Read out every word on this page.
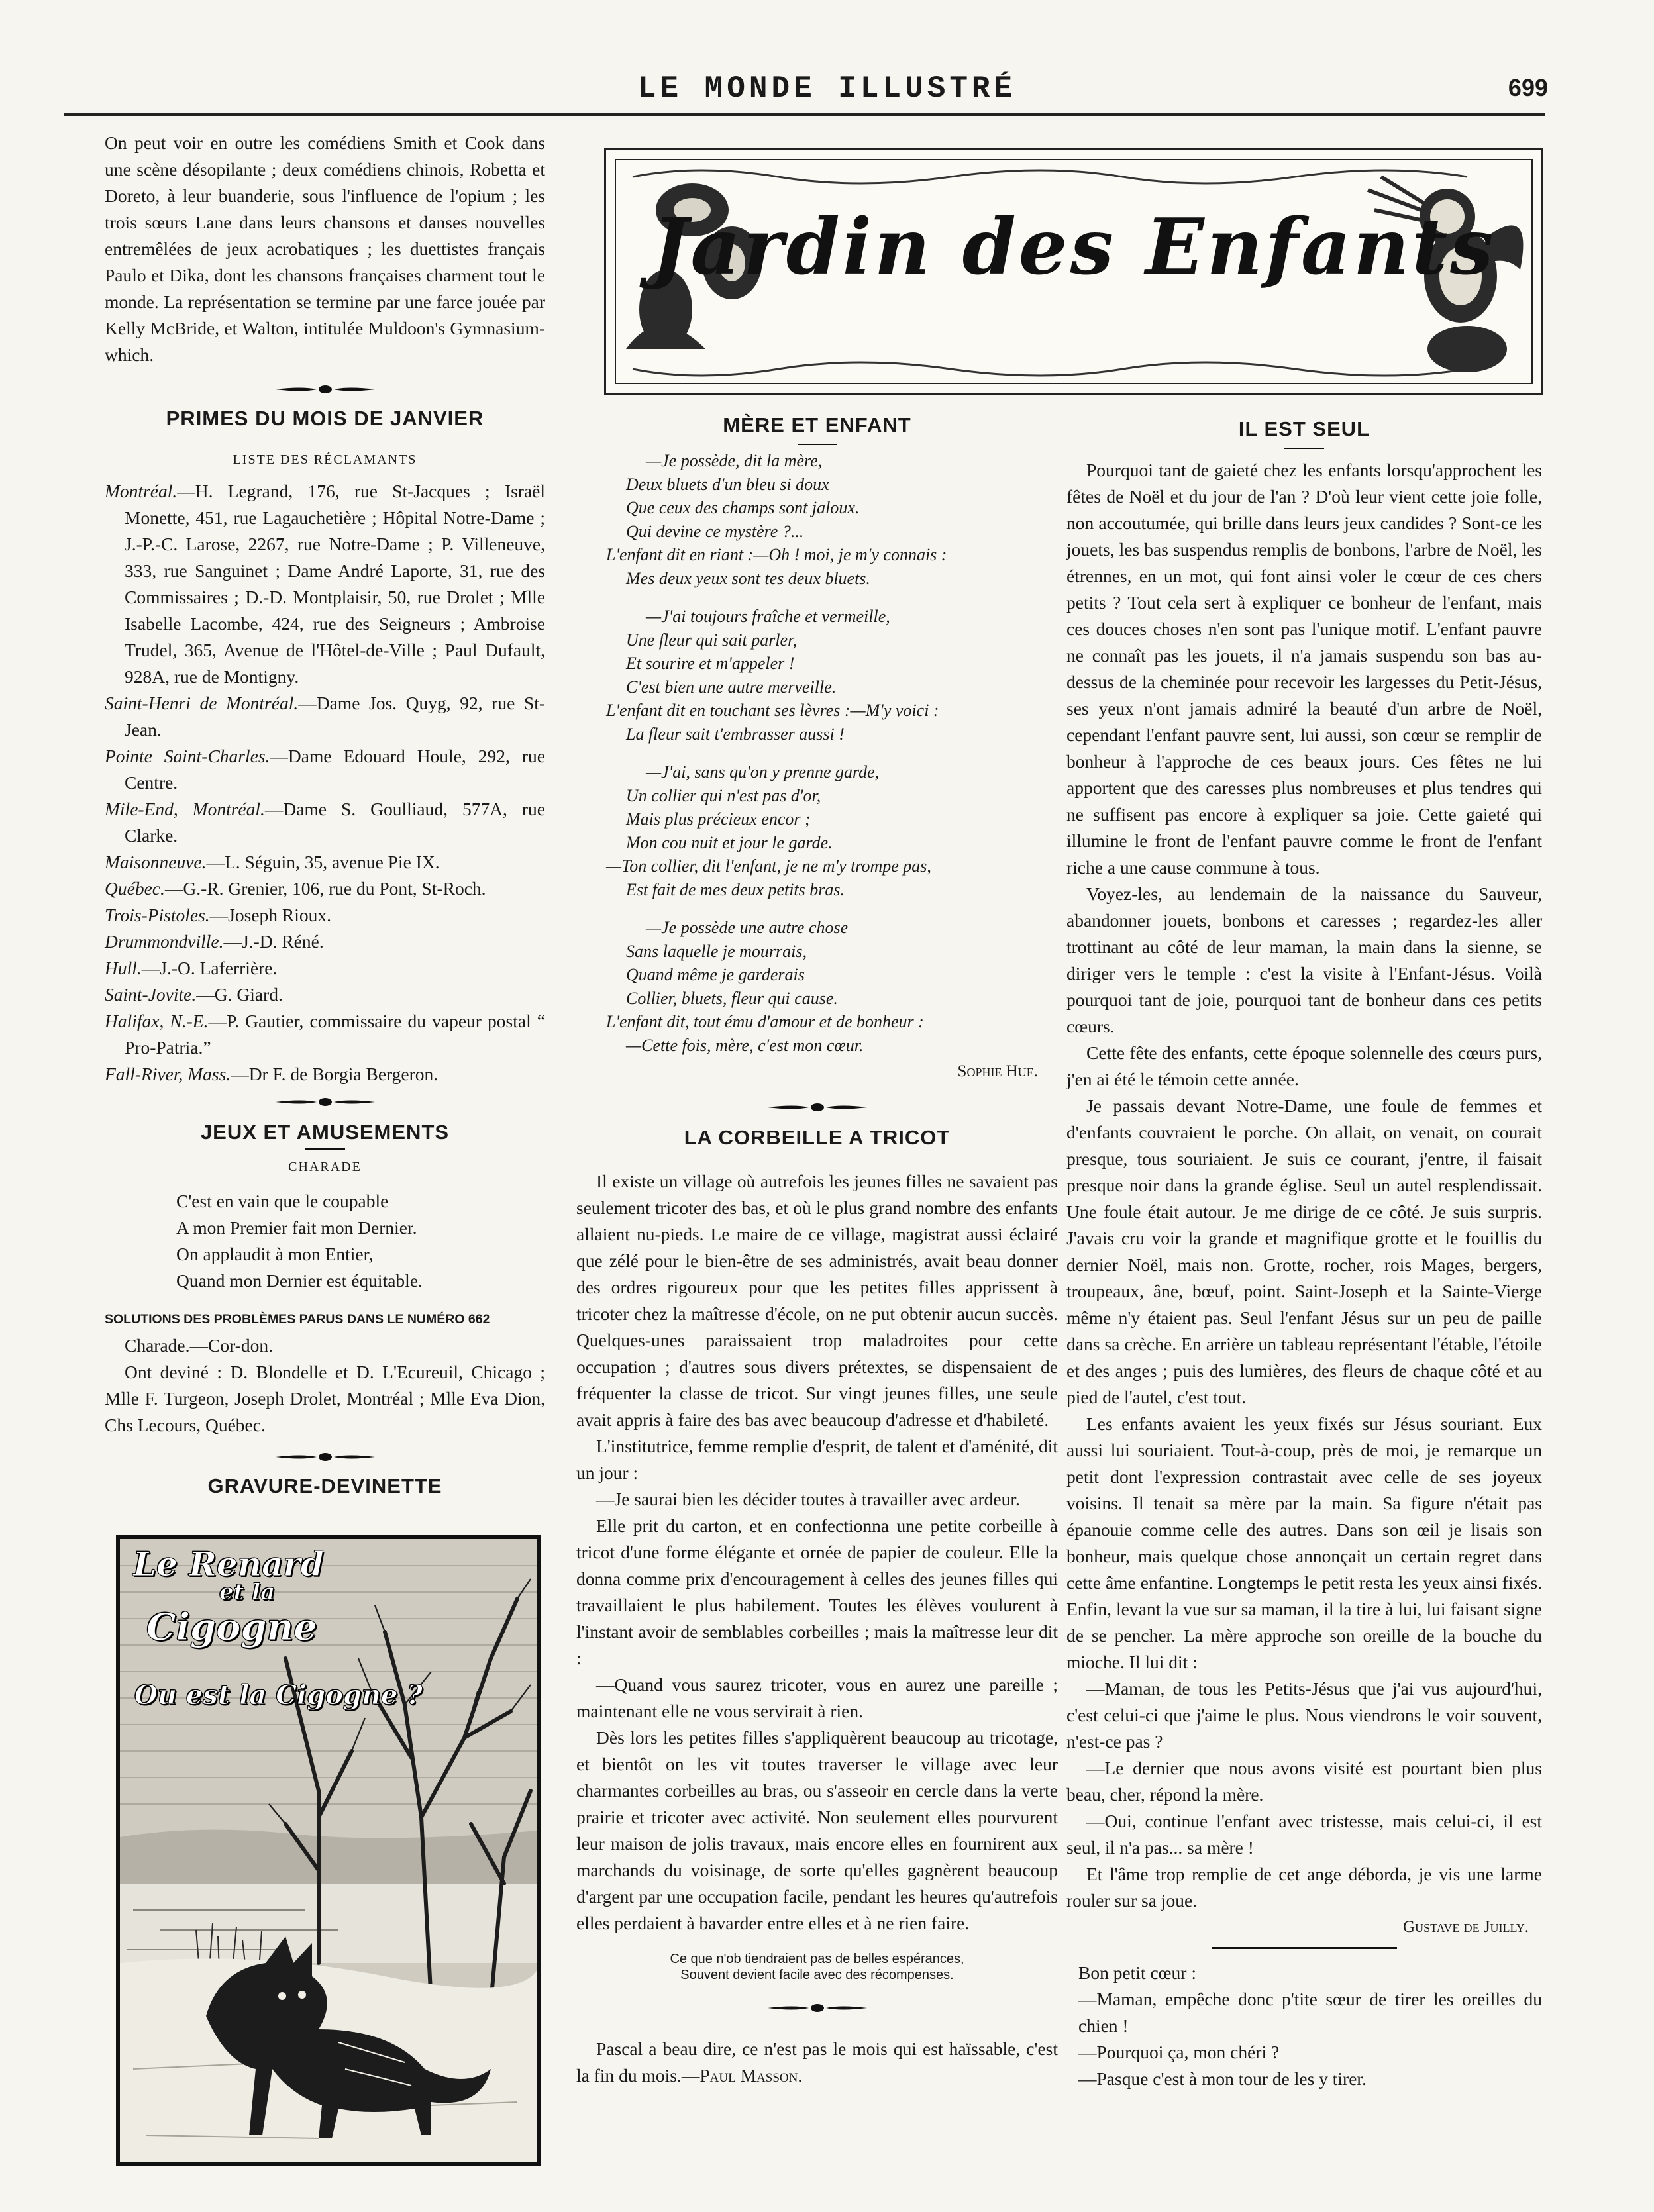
LE MONDE ILLUSTRÉ	699

On peut voir en outre les comédiens Smith et Cook dans une scène désopilante ; deux comédiens chinois, Robetta et Doreto, à leur buanderie, sous l'influence de l'opium ; les trois sœurs Lane dans leurs chansons et danses nouvelles entremêlées de jeux acrobatiques ; les duettistes français Paulo et Dika, dont les chansons françaises charment tout le monde. La représentation se termine par une farce jouée par Kelly McBride, et Walton, intitulée Muldoon's Gymnasium-which.

PRIMES DU MOIS DE JANVIER
LISTE DES RÉCLAMANTS

Montréal.—H. Legrand, 176, rue St-Jacques ; Israël Monette, 451, rue Lagauchetière ; Hôpital Notre-Dame ; J.-P.-C. Larose, 2267, rue Notre-Dame ; P. Villeneuve, 333, rue Sanguinet ; Dame André Laporte, 31, rue des Commissaires ; D.-D. Montplaisir, 50, rue Drolet ; Mlle Isabelle Lacombe, 424, rue des Seigneurs ; Ambroise Trudel, 365, Avenue de l'Hôtel-de-Ville ; Paul Dufault, 928A, rue de Montigny.

Saint-Henri de Montréal.—Dame Jos. Quyg, 92, rue St-Jean.

Pointe Saint-Charles.—Dame Edouard Houle, 292, rue Centre.

Mile-End, Montréal.—Dame S. Goulliaud, 577A, rue Clarke.

Maisonneuve.—L. Séguin, 35, avenue Pie IX.

Québec.—G.-R. Grenier, 106, rue du Pont, St-Roch.

Trois-Pistoles.—Joseph Rioux.

Drummondville.—J.-D. Réné.

Hull.—J.-O. Laferrière.

Saint-Jovite.—G. Giard.

Halifax, N.-E.—P. Gautier, commissaire du vapeur postal “ Pro-Patria.”

Fall-River, Mass.—Dr F. de Borgia Bergeron.

JEUX ET AMUSEMENTS
CHARADE
C'est en vain que le coupable
A mon Premier fait mon Dernier.
On applaudit à mon Entier,
Quand mon Dernier est équitable.
SOLUTIONS DES PROBLÈMES PARUS DANS LE NUMÉRO 662

Charade.—Cor-don.

Ont deviné : D. Blondelle et D. L'Ecureuil, Chicago ; Mlle F. Turgeon, Joseph Drolet, Montréal ; Mlle Eva Dion, Chs Lecours, Québec.

GRAVURE-DEVINETTE
Le Renard
et la
Cigogne
Ou est la Cigogne ?
Jardin des Enfants
MÈRE ET ENFANT
—Je possède, dit la mère,
Deux bluets d'un bleu si doux
Que ceux des champs sont jaloux.
Qui devine ce mystère ?...
L'enfant dit en riant :—Oh ! moi, je m'y connais :
Mes deux yeux sont tes deux bluets.
—J'ai toujours fraîche et vermeille,
Une fleur qui sait parler,
Et sourire et m'appeler !
C'est bien une autre merveille.
L'enfant dit en touchant ses lèvres :—M'y voici :
La fleur sait t'embrasser aussi !
—J'ai, sans qu'on y prenne garde,
Un collier qui n'est pas d'or,
Mais plus précieux encor ;
Mon cou nuit et jour le garde.
—Ton collier, dit l'enfant, je ne m'y trompe pas,
Est fait de mes deux petits bras.
—Je possède une autre chose
Sans laquelle je mourrais,
Quand même je garderais
Collier, bluets, fleur qui cause.
L'enfant dit, tout ému d'amour et de bonheur :
—Cette fois, mère, c'est mon cœur.
Sophie Hue.
LA CORBEILLE A TRICOT

Il existe un village où autrefois les jeunes filles ne savaient pas seulement tricoter des bas, et où le plus grand nombre des enfants allaient nu-pieds. Le maire de ce village, magistrat aussi éclairé que zélé pour le bien-être de ses administrés, avait beau donner des ordres rigoureux pour que les petites filles apprissent à tricoter chez la maîtresse d'école, on ne put obtenir aucun succès. Quelques-unes paraissaient trop maladroites pour cette occupation ; d'autres sous divers prétextes, se dispensaient de fréquenter la classe de tricot. Sur vingt jeunes filles, une seule avait appris à faire des bas avec beaucoup d'adresse et d'habileté.

L'institutrice, femme remplie d'esprit, de talent et d'aménité, dit un jour :

—Je saurai bien les décider toutes à travailler avec ardeur.

Elle prit du carton, et en confectionna une petite corbeille à tricot d'une forme élégante et ornée de papier de couleur. Elle la donna comme prix d'encouragement à celles des jeunes filles qui travaillaient le plus habilement. Toutes les élèves voulurent à l'instant avoir de semblables corbeilles ; mais la maîtresse leur dit :

—Quand vous saurez tricoter, vous en aurez une pareille ; maintenant elle ne vous servirait à rien.

Dès lors les petites filles s'appliquèrent beaucoup au tricotage, et bientôt on les vit toutes traverser le village avec leur charmantes corbeilles au bras, ou s'asseoir en cercle dans la verte prairie et tricoter avec activité. Non seulement elles pourvurent leur maison de jolis travaux, mais encore elles en fournirent aux marchands du voisinage, de sorte qu'elles gagnèrent beaucoup d'argent par une occupation facile, pendant les heures qu'autrefois elles perdaient à bavarder entre elles et à ne rien faire.

Ce que n'ob tiendraient pas de belles espérances,
Souvent devient facile avec des récompenses.

Pascal a beau dire, ce n'est pas le mois qui est haïssable, c'est la fin du mois.—Paul Masson.

IL EST SEUL

Pourquoi tant de gaieté chez les enfants lorsqu'approchent les fêtes de Noël et du jour de l'an ? D'où leur vient cette joie folle, non accoutumée, qui brille dans leurs jeux candides ? Sont-ce les jouets, les bas suspendus remplis de bonbons, l'arbre de Noël, les étrennes, en un mot, qui font ainsi voler le cœur de ces chers petits ? Tout cela sert à expliquer ce bonheur de l'enfant, mais ces douces choses n'en sont pas l'unique motif. L'enfant pauvre ne connaît pas les jouets, il n'a jamais suspendu son bas au-dessus de la cheminée pour recevoir les largesses du Petit-Jésus, ses yeux n'ont jamais admiré la beauté d'un arbre de Noël, cependant l'enfant pauvre sent, lui aussi, son cœur se remplir de bonheur à l'approche de ces beaux jours. Ces fêtes ne lui apportent que des caresses plus nombreuses et plus tendres qui ne suffisent pas encore à expliquer sa joie. Cette gaieté qui illumine le front de l'enfant pauvre comme le front de l'enfant riche a une cause commune à tous.

Voyez-les, au lendemain de la naissance du Sauveur, abandonner jouets, bonbons et caresses ; regardez-les aller trottinant au côté de leur maman, la main dans la sienne, se diriger vers le temple : c'est la visite à l'Enfant-Jésus. Voilà pourquoi tant de joie, pourquoi tant de bonheur dans ces petits cœurs.

Cette fête des enfants, cette époque solennelle des cœurs purs, j'en ai été le témoin cette année.

Je passais devant Notre-Dame, une foule de femmes et d'enfants couvraient le porche. On allait, on venait, on courait presque, tous souriaient. Je suis ce courant, j'entre, il faisait presque noir dans la grande église. Seul un autel resplendissait. Une foule était autour. Je me dirige de ce côté. Je suis surpris. J'avais cru voir la grande et magnifique grotte et le fouillis du dernier Noël, mais non. Grotte, rocher, rois Mages, bergers, troupeaux, âne, bœuf, point. Saint-Joseph et la Sainte-Vierge même n'y étaient pas. Seul l'enfant Jésus sur un peu de paille dans sa crèche. En arrière un tableau représentant l'étable, l'étoile et des anges ; puis des lumières, des fleurs de chaque côté et au pied de l'autel, c'est tout.

Les enfants avaient les yeux fixés sur Jésus souriant. Eux aussi lui souriaient. Tout-à-coup, près de moi, je remarque un petit dont l'expression contrastait avec celle de ses joyeux voisins. Il tenait sa mère par la main. Sa figure n'était pas épanouie comme celle des autres. Dans son œil je lisais son bonheur, mais quelque chose annonçait un certain regret dans cette âme enfantine. Longtemps le petit resta les yeux ainsi fixés. Enfin, levant la vue sur sa maman, il la tire à lui, lui faisant signe de se pencher. La mère approche son oreille de la bouche du mioche. Il lui dit :

—Maman, de tous les Petits-Jésus que j'ai vus aujourd'hui, c'est celui-ci que j'aime le plus. Nous viendrons le voir souvent, n'est-ce pas ?

—Le dernier que nous avons visité est pourtant bien plus beau, cher, répond la mère.

—Oui, continue l'enfant avec tristesse, mais celui-ci, il est seul, il n'a pas... sa mère !

Et l'âme trop remplie de cet ange déborda, je vis une larme rouler sur sa joue.

Gustave de Juilly.

Bon petit cœur :

—Maman, empêche donc p'tite sœur de tirer les oreilles du chien !

—Pourquoi ça, mon chéri ?

—Pasque c'est à mon tour de les y tirer.
